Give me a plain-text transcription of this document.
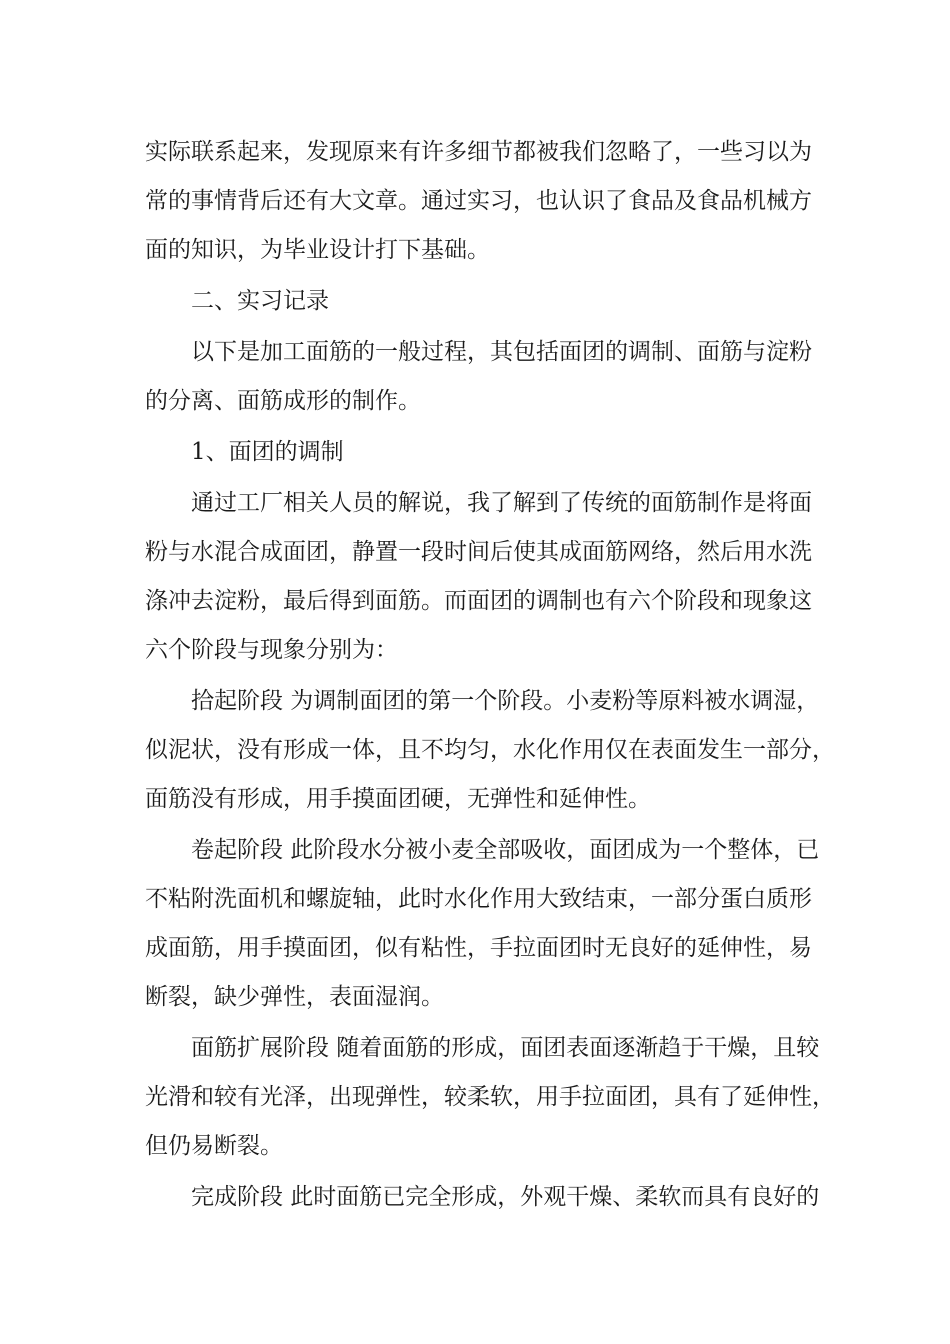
实际联系起来，发现原来有许多细节都被我们忽略了，一些习以为
常的事情背后还有大文章。通过实习，也认识了食品及食品机械方
面的知识，为毕业设计打下基础。
二、实习记录
以下是加工面筋的一般过程，其包括面团的调制、面筋与淀粉
的分离、面筋成形的制作。
1、面团的调制
通过工厂相关人员的解说，我了解到了传统的面筋制作是将面
粉与水混合成面团，静置一段时间后使其成面筋网络，然后用水洗
涤冲去淀粉，最后得到面筋。而面团的调制也有六个阶段和现象这
六个阶段与现象分别为：
拾起阶段 为调制面团的第一个阶段。小麦粉等原料被水调湿，
似泥状，没有形成一体，且不均匀，水化作用仅在表面发生一部分，
面筋没有形成，用手摸面团硬，无弹性和延伸性。
卷起阶段 此阶段水分被小麦全部吸收，面团成为一个整体，已
不粘附洗面机和螺旋轴，此时水化作用大致结束，一部分蛋白质形
成面筋，用手摸面团，似有粘性，手拉面团时无良好的延伸性，易
断裂，缺少弹性，表面湿润。
面筋扩展阶段 随着面筋的形成，面团表面逐渐趋于干燥，且较
光滑和较有光泽，出现弹性，较柔软，用手拉面团，具有了延伸性，
但仍易断裂。
完成阶段 此时面筋已完全形成，外观干燥、柔软而具有良好的
